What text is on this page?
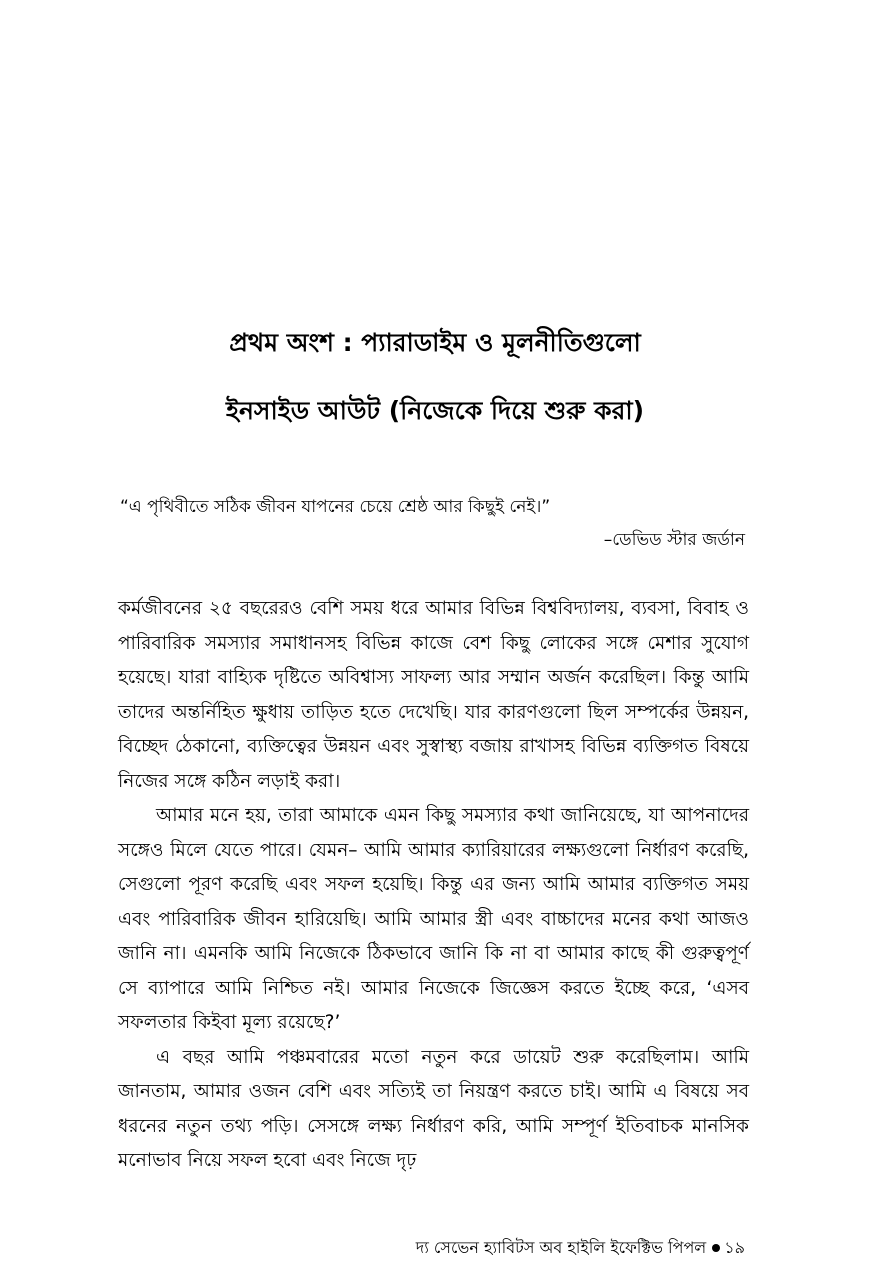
প্রথম অংশ : প্যারাডাইম ও মূলনীতিগুলো
ইনসাইড আউট (নিজেকে দিয়ে শুরু করা)
“এ পৃথিবীতে সঠিক জীবন যাপনের চেয়ে শ্রেষ্ঠ আর কিছুই নেই।”
–ডেভিড স্টার জর্ডান

কর্মজীবনের ২৫ বছরেরও বেশি সময় ধরে আমার বিভিন্ন বিশ্ববিদ্যালয়, ব্যবসা, বিবাহ ও পারিবারিক সমস্যার সমাধানসহ বিভিন্ন কাজে বেশ কিছু লোকের সঙ্গে মেশার সুযোগ হয়েছে। যারা বাহ্যিক দৃষ্টিতে অবিশ্বাস্য সাফল্য আর সম্মান অর্জন করেছিল। কিন্তু আমি তাদের অন্তর্নিহিত ক্ষুধায় তাড়িত হতে দেখেছি। যার কারণগুলো ছিল সম্পর্কের উন্নয়ন, বিচ্ছেদ ঠেকানো, ব্যক্তিত্বের উন্নয়ন এবং সুস্বাস্থ্য বজায় রাখাসহ বিভিন্ন ব্যক্তিগত বিষয়ে নিজের সঙ্গে কঠিন লড়াই করা।

আমার মনে হয়, তারা আমাকে এমন কিছু সমস্যার কথা জানিয়েছে, যা আপনাদের সঙ্গেও মিলে যেতে পারে। যেমন– আমি আমার ক্যারিয়ারের লক্ষ্যগুলো নির্ধারণ করেছি, সেগুলো পূরণ করেছি এবং সফল হয়েছি। কিন্তু এর জন্য আমি আমার ব্যক্তিগত সময় এবং পারিবারিক জীবন হারিয়েছি। আমি আমার স্ত্রী এবং বাচ্চাদের মনের কথা আজও জানি না। এমনকি আমি নিজেকে ঠিকভাবে জানি কি না বা আমার কাছে কী গুরুত্বপূর্ণ সে ব্যাপারে আমি নিশ্চিত নই। আমার নিজেকে জিজ্ঞেস করতে ইচ্ছে করে, ‘এসব সফলতার কিইবা মূল্য রয়েছে?’

এ বছর আমি পঞ্চমবারের মতো নতুন করে ডায়েট শুরু করেছিলাম। আমি জানতাম, আমার ওজন বেশি এবং সত্যিই তা নিয়ন্ত্রণ করতে চাই। আমি এ বিষয়ে সব ধরনের নতুন তথ্য পড়ি। সেসঙ্গে লক্ষ্য নির্ধারণ করি, আমি সম্পূর্ণ ইতিবাচক মানসিক মনোভাব নিয়ে সফল হবো এবং নিজে দৃঢ়

দ্য সেভেন হ্যাবিটস অব হাইলি ইফেক্টিভ পিপল ১৯
